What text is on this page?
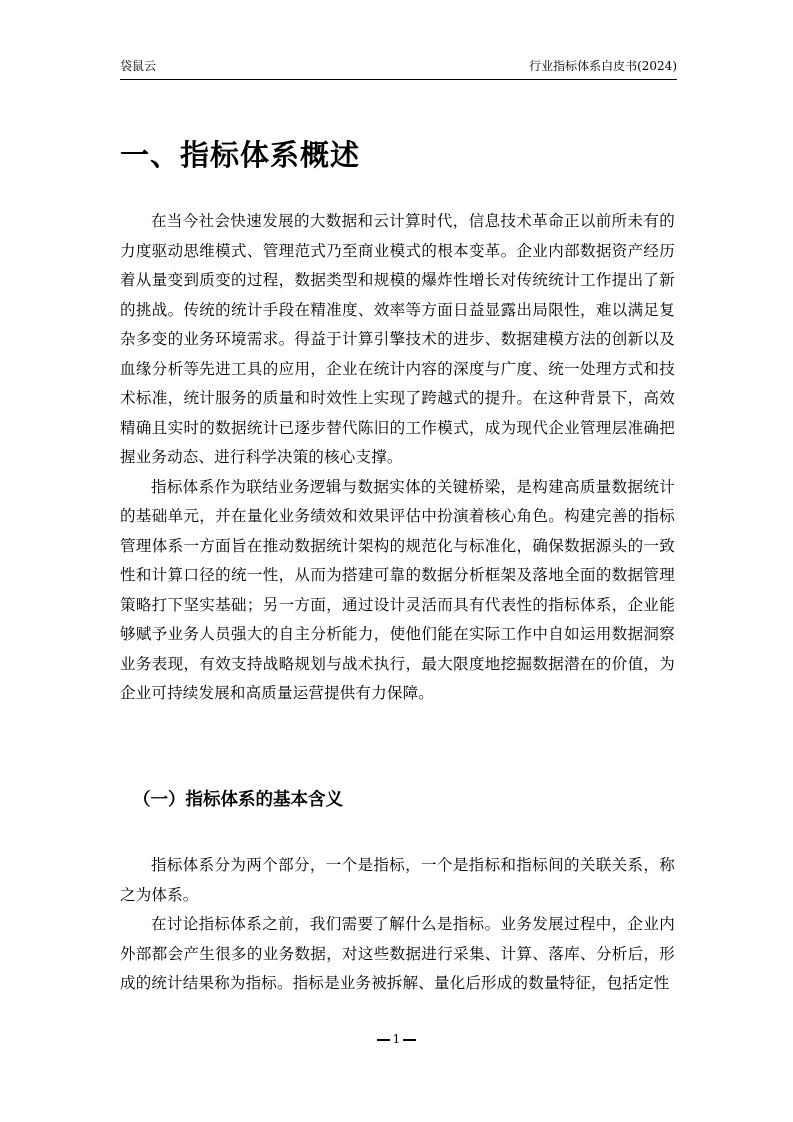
袋鼠云	行业指标体系白皮书(2024)
一、指标体系概述

在当今社会快速发展的大数据和云计算时代，信息技术革命正以前所未有的力度驱动思维模式、管理范式乃至商业模式的根本变革。企业内部数据资产经历着从量变到质变的过程，数据类型和规模的爆炸性增长对传统统计工作提出了新的挑战。传统的统计手段在精准度、效率等方面日益显露出局限性，难以满足复杂多变的业务环境需求。得益于计算引擎技术的进步、数据建模方法的创新以及血缘分析等先进工具的应用，企业在统计内容的深度与广度、统一处理方式和技术标准，统计服务的质量和时效性上实现了跨越式的提升。在这种背景下，高效精确且实时的数据统计已逐步替代陈旧的工作模式，成为现代企业管理层准确把握业务动态、进行科学决策的核心支撑。

指标体系作为联结业务逻辑与数据实体的关键桥梁，是构建高质量数据统计的基础单元，并在量化业务绩效和效果评估中扮演着核心角色。构建完善的指标管理体系一方面旨在推动数据统计架构的规范化与标准化，确保数据源头的一致性和计算口径的统一性，从而为搭建可靠的数据分析框架及落地全面的数据管理策略打下坚实基础；另一方面，通过设计灵活而具有代表性的指标体系，企业能够赋予业务人员强大的自主分析能力，使他们能在实际工作中自如运用数据洞察业务表现，有效支持战略规划与战术执行，最大限度地挖掘数据潜在的价值，为企业可持续发展和高质量运营提供有力保障。

（一）指标体系的基本含义

指标体系分为两个部分，一个是指标，一个是指标和指标间的关联关系，称之为体系。

在讨论指标体系之前，我们需要了解什么是指标。业务发展过程中，企业内外部都会产生很多的业务数据，对这些数据进行采集、计算、落库、分析后，形成的统计结果称为指标。指标是业务被拆解、量化后形成的数量特征，包括定性

1
